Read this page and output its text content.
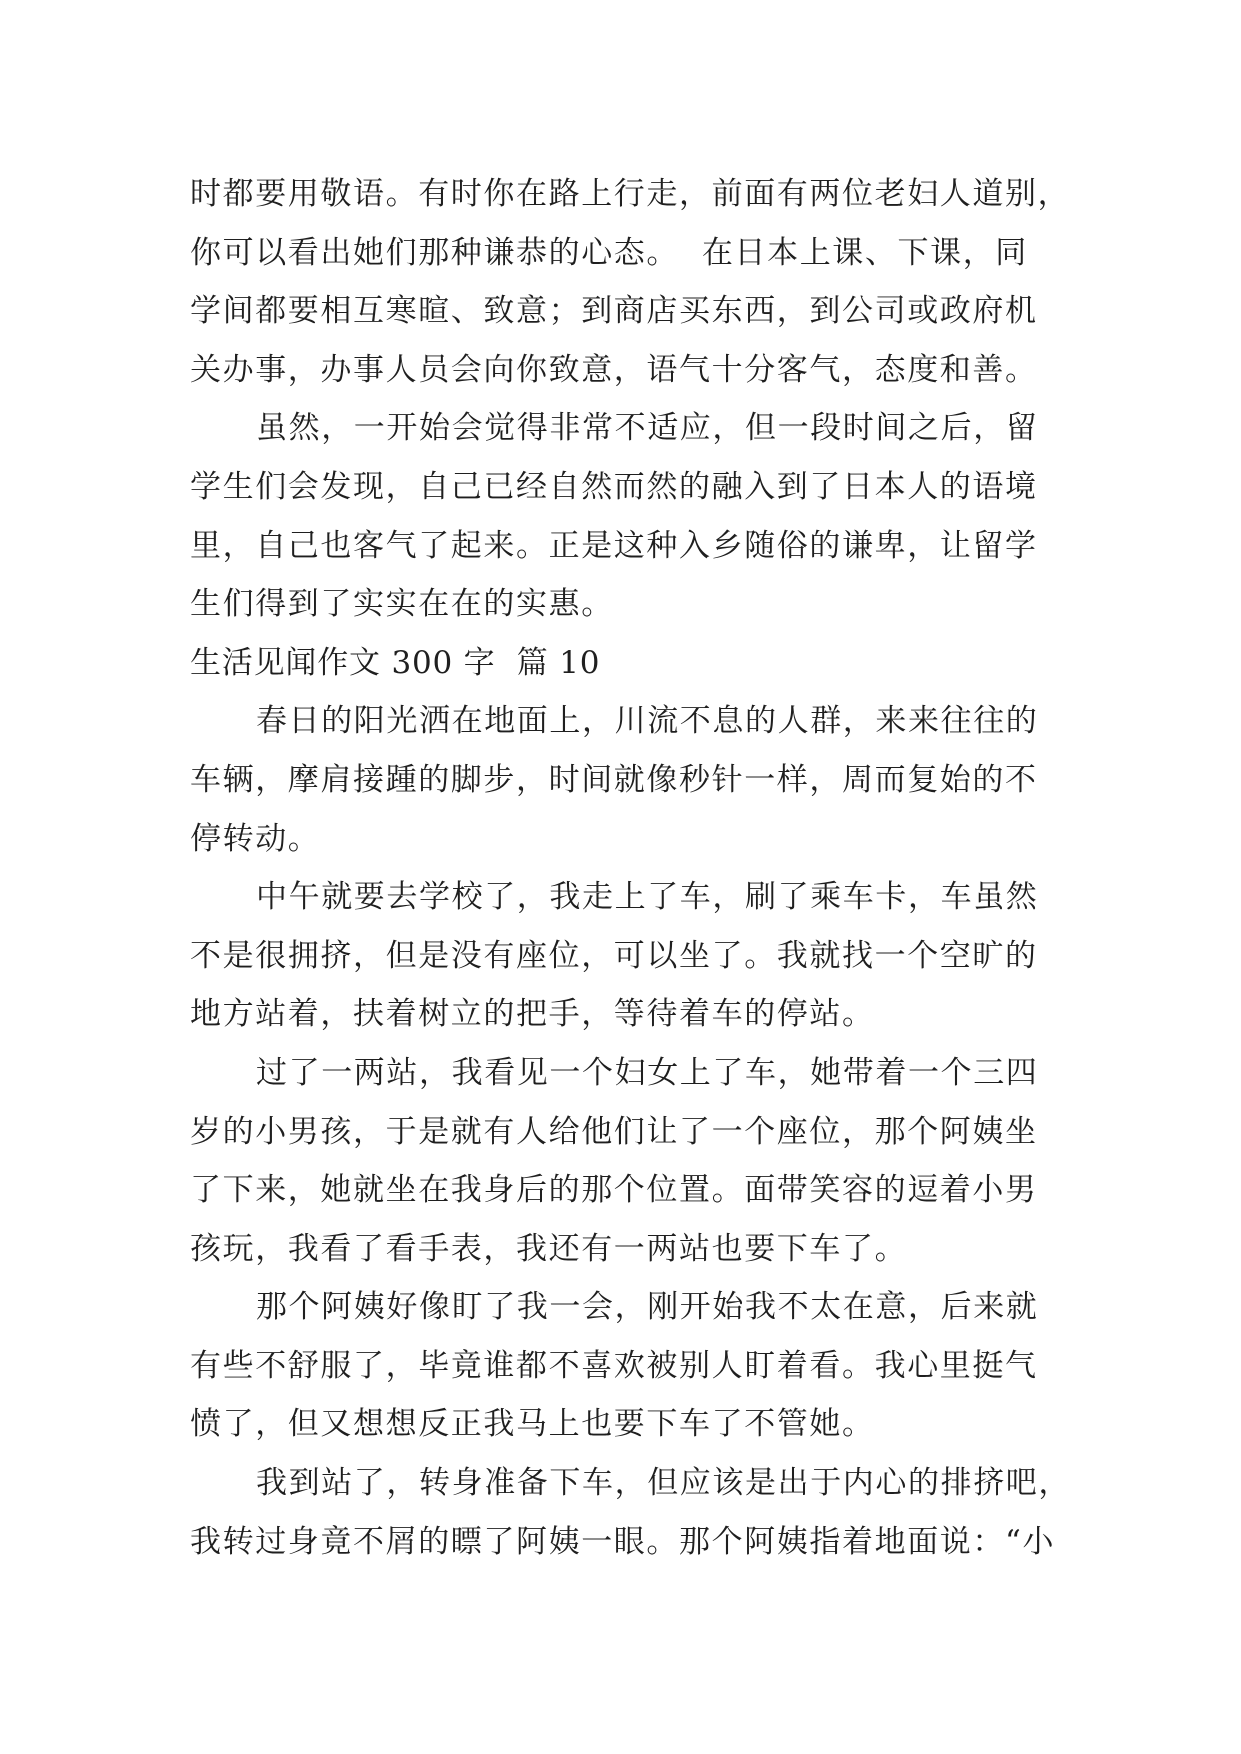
时都要用敬语。有时你在路上行走，前面有两位老妇人道别，
你可以看出她们那种谦恭的心态。  在日本上课、下课，同
学间都要相互寒暄、致意；到商店买东西，到公司或政府机
关办事，办事人员会向你致意，语气十分客气，态度和善。
虽然，一开始会觉得非常不适应，但一段时间之后，留
学生们会发现，自己已经自然而然的融入到了日本人的语境
里，自己也客气了起来。正是这种入乡随俗的谦卑，让留学
生们得到了实实在在的实惠。
生活见闻作文 300 字  篇 10
春日的阳光洒在地面上，川流不息的人群，来来往往的
车辆，摩肩接踵的脚步，时间就像秒针一样，周而复始的不
停转动。
中午就要去学校了，我走上了车，刷了乘车卡，车虽然
不是很拥挤，但是没有座位，可以坐了。我就找一个空旷的
地方站着，扶着树立的把手，等待着车的停站。
过了一两站，我看见一个妇女上了车，她带着一个三四
岁的小男孩，于是就有人给他们让了一个座位，那个阿姨坐
了下来，她就坐在我身后的那个位置。面带笑容的逗着小男
孩玩，我看了看手表，我还有一两站也要下车了。
那个阿姨好像盯了我一会，刚开始我不太在意，后来就
有些不舒服了，毕竟谁都不喜欢被别人盯着看。我心里挺气
愤了，但又想想反正我马上也要下车了不管她。
我到站了，转身准备下车，但应该是出于内心的排挤吧，
我转过身竟不屑的瞟了阿姨一眼。那个阿姨指着地面说：“小
